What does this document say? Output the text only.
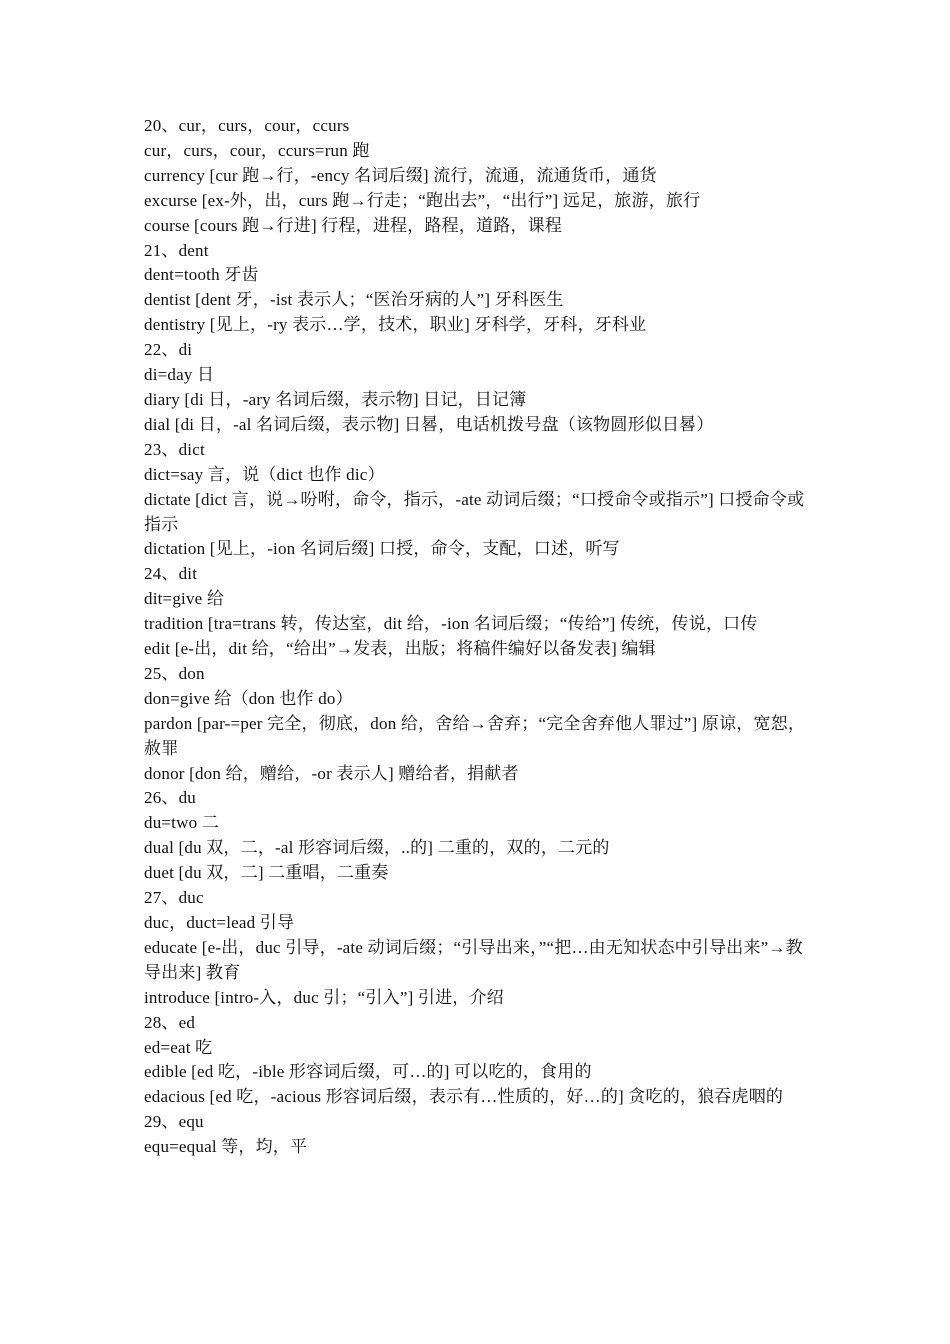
20、cur，curs，cour，ccurs

cur，curs，cour，ccurs=run 跑

currency [cur 跑→行，-ency 名词后缀] 流行，流通，流通货币，通货

excurse [ex-外，出，curs 跑→行走；“跑出去”，“出行”] 远足，旅游，旅行

course [cours 跑→行进] 行程，进程，路程，道路，课程

21、dent

dent=tooth 牙齿

dentist [dent 牙，-ist 表示人；“医治牙病的人”] 牙科医生

dentistry [见上，-ry 表示…学，技术，职业] 牙科学，牙科，牙科业

22、di

di=day 日

diary [di 日，-ary 名词后缀，表示物] 日记，日记簿

dial [di 日，-al 名词后缀，表示物] 日晷，电话机拨号盘（该物圆形似日晷）

23、dict

dict=say 言，说（dict 也作 dic）

dictate [dict 言，说→吩咐，命令，指示，-ate 动词后缀；“口授命令或指示”] 口授命令或指示

dictation [见上，-ion 名词后缀] 口授，命令，支配，口述，听写

24、dit

dit=give 给

tradition [tra=trans 转，传达室，dit 给，-ion 名词后缀；“传给”] 传统，传说，口传

edit [e-出，dit 给，“给出”→发表，出版；将稿件编好以备发表] 编辑

25、don

don=give 给（don 也作 do）

pardon [par-=per 完全，彻底，don 给，舍给→舍弃；“完全舍弃他人罪过”] 原谅，宽恕，赦罪

donor [don 给，赠给，-or 表示人] 赠给者，捐献者

26、du

du=two 二

dual [du 双，二，-al 形容词后缀，..的] 二重的，双的，二元的

duet [du 双，二] 二重唱，二重奏

27、duc

duc，duct=lead 引导

educate [e-出，duc 引导，-ate 动词后缀；“引导出来，”“把…由无知状态中引导出来”→教导出来] 教育

introduce [intro-入，duc 引；“引入”] 引进，介绍

28、ed

ed=eat 吃

edible [ed 吃，-ible 形容词后缀，可…的] 可以吃的，食用的

edacious [ed 吃，-acious 形容词后缀，表示有…性质的，好…的] 贪吃的，狼吞虎咽的

29、equ

equ=equal 等，均，平
